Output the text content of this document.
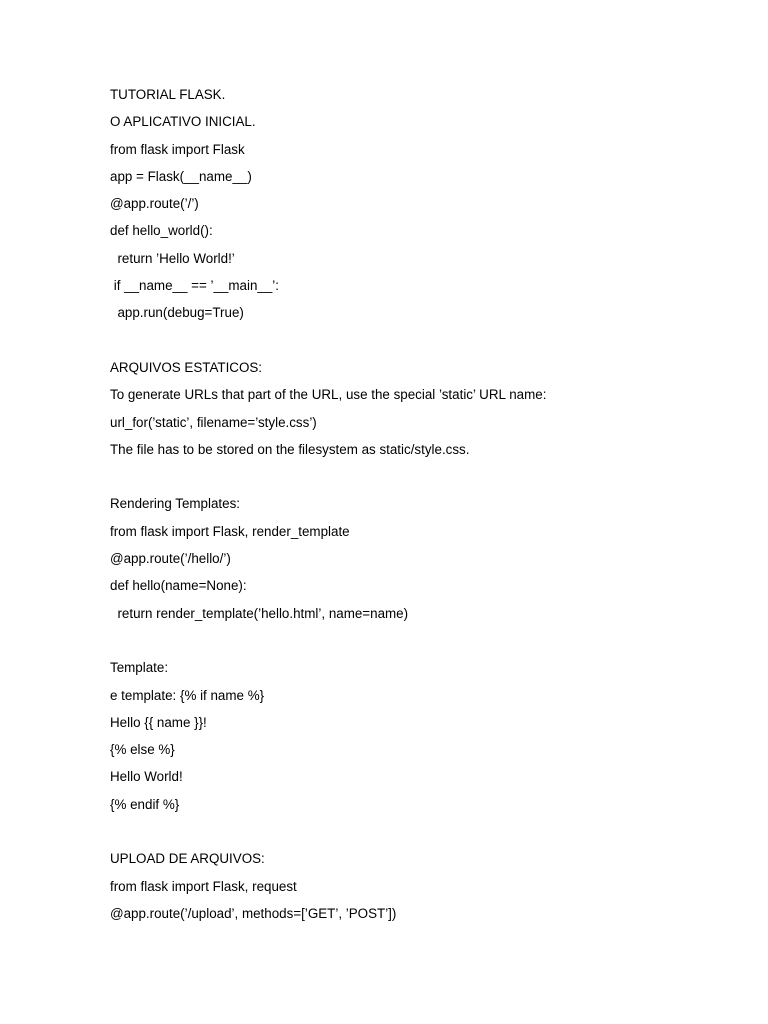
TUTORIAL FLASK.
O APLICATIVO INICIAL.
from flask import Flask
app = Flask(__name__)
@app.route(’/’)
def hello_world():
return ’Hello World!’
if __name__ == ’__main__’:
app.run(debug=True)
ARQUIVOS ESTATICOS:
To generate URLs that part of the URL, use the special ’static’ URL name:
url_for(’static’, filename=’style.css’)
The file has to be stored on the filesystem as static/style.css.
Rendering Templates:
from flask import Flask, render_template
@app.route(’/hello/’)
def hello(name=None):
return render_template(’hello.html’, name=name)
Template:
e template: {% if name %}
Hello {{ name }}!
{% else %}
Hello World!
{% endif %}
UPLOAD DE ARQUIVOS:
from flask import Flask, request
@app.route(’/upload’, methods=[’GET’, ’POST’])
